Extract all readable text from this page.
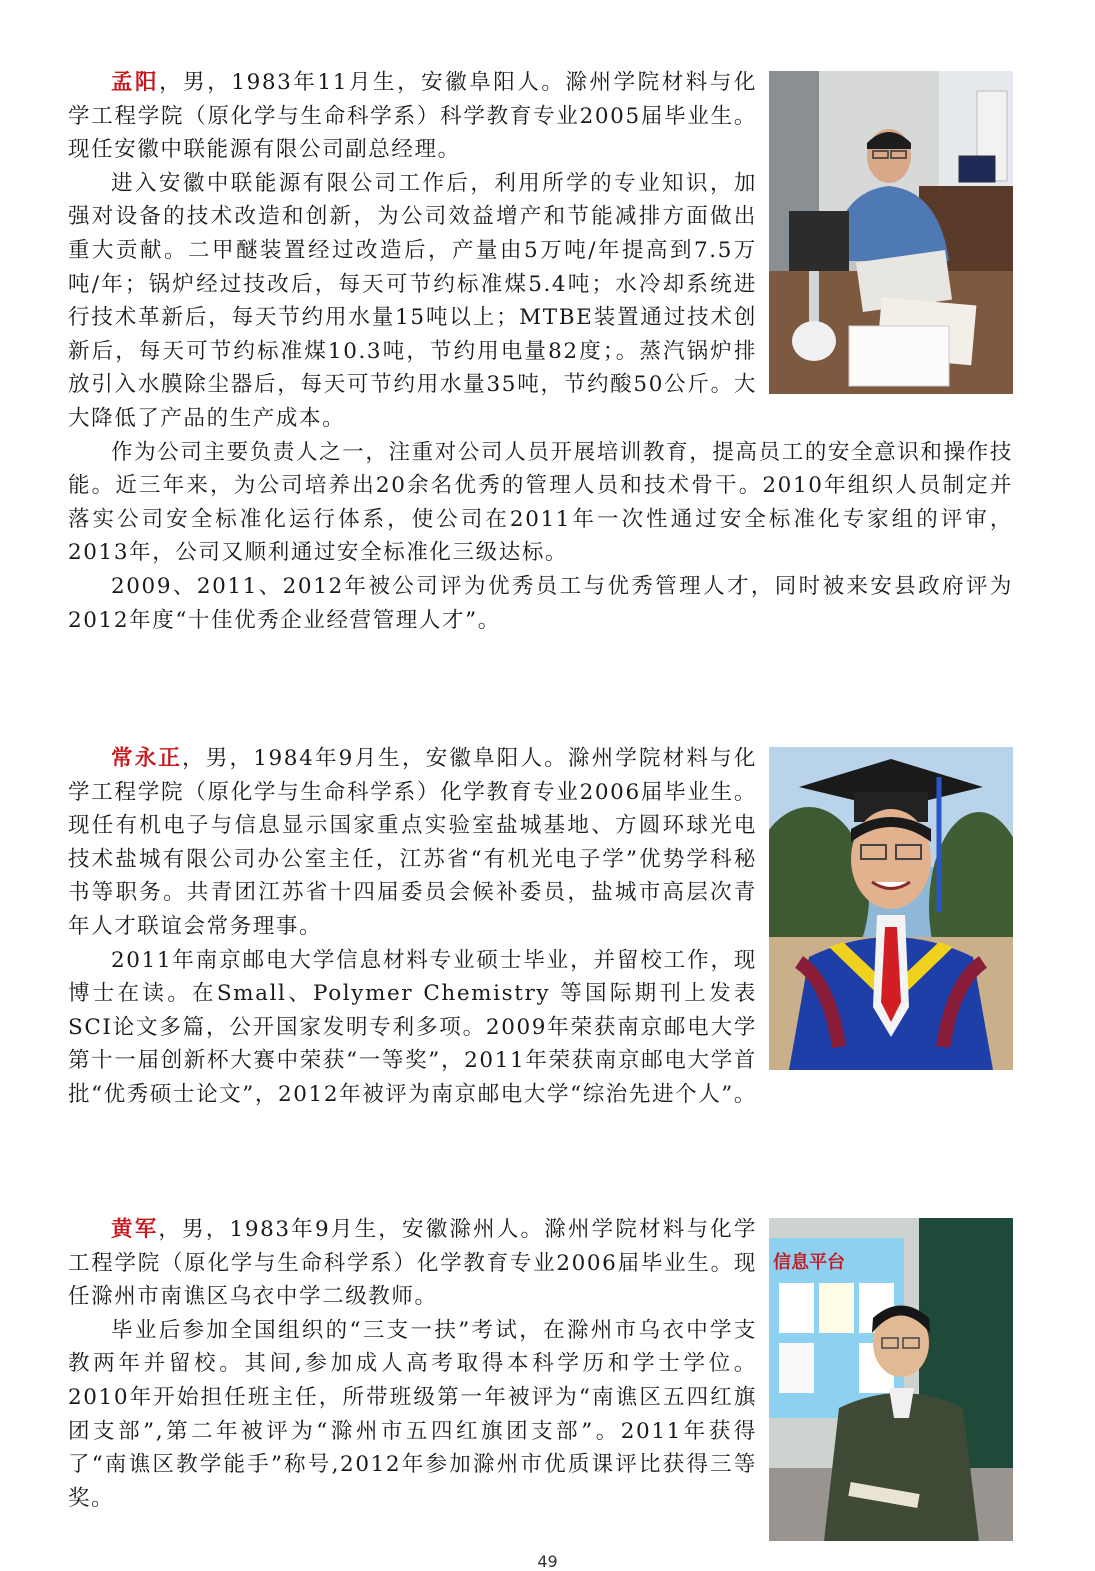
孟阳，男，1983年11月生，安徽阜阳人。滁州学院材料与化学工程学院（原化学与生命科学系）科学教育专业2005届毕业生。现任安徽中联能源有限公司副总经理。

进入安徽中联能源有限公司工作后，利用所学的专业知识，加强对设备的技术改造和创新，为公司效益增产和节能减排方面做出重大贡献。二甲醚装置经过改造后，产量由5万吨/年提高到7.5万吨/年；锅炉经过技改后，每天可节约标准煤5.4吨；水冷却系统进行技术革新后，每天节约用水量15吨以上；MTBE装置通过技术创新后，每天可节约标准煤10.3吨，节约用电量82度；。蒸汽锅炉排放引入水膜除尘器后，每天可节约用水量35吨，节约酸50公斤。大大降低了产品的生产成本。

作为公司主要负责人之一，注重对公司人员开展培训教育，提高员工的安全意识和操作技能。近三年来，为公司培养出20余名优秀的管理人员和技术骨干。2010年组织人员制定并落实公司安全标准化运行体系，使公司在2011年一次性通过安全标准化专家组的评审，2013年，公司又顺利通过安全标准化三级达标。

2009、2011、2012年被公司评为优秀员工与优秀管理人才，同时被来安县政府评为2012年度“十佳优秀企业经营管理人才”。

常永正，男，1984年9月生，安徽阜阳人。滁州学院材料与化学工程学院（原化学与生命科学系）化学教育专业2006届毕业生。现任有机电子与信息显示国家重点实验室盐城基地、方圆环球光电技术盐城有限公司办公室主任，江苏省“有机光电子学”优势学科秘书等职务。共青团江苏省十四届委员会候补委员，盐城市高层次青年人才联谊会常务理事。

2011年南京邮电大学信息材料专业硕士毕业，并留校工作，现博士在读。在Small、Polymer Chemistry 等国际期刊上发表SCI论文多篇，公开国家发明专利多项。2009年荣获南京邮电大学第十一届创新杯大赛中荣获“一等奖”，2011年荣获南京邮电大学首批“优秀硕士论文”，2012年被评为南京邮电大学“综治先进个人”。

信息平台

黄军，男，1983年9月生，安徽滁州人。滁州学院材料与化学工程学院（原化学与生命科学系）化学教育专业2006届毕业生。现任滁州市南谯区乌衣中学二级教师。

毕业后参加全国组织的“三支一扶”考试，在滁州市乌衣中学支教两年并留校。其间,参加成人高考取得本科学历和学士学位。2010年开始担任班主任，所带班级第一年被评为“南谯区五四红旗团支部”,第二年被评为“滁州市五四红旗团支部”。2011年获得了“南谯区教学能手”称号,2012年参加滁州市优质课评比获得三等奖。

49
